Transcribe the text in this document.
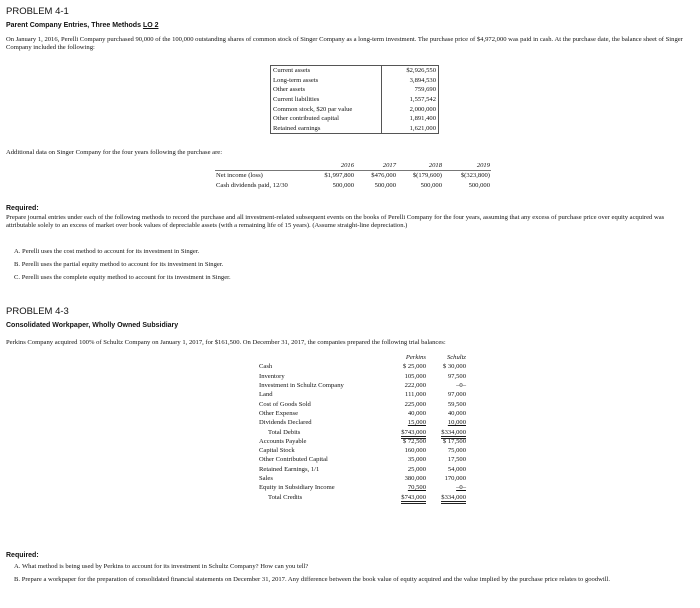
PROBLEM 4-1
Parent Company Entries, Three Methods LO 2
On January 1, 2016, Perelli Company purchased 90,000 of the 100,000 outstanding shares of common stock of Singer Company as a long-term investment. The purchase price of $4,972,000 was paid in cash. At the purchase date, the balance sheet of Singer Company included the following:
Current assets	$2,926,550
Long-term assets	3,894,530
Other assets	759,690
Current liabilities	1,557,542
Common stock, $20 par value	2,000,000
Other contributed capital	1,891,400
Retained earnings	1,621,000
Additional data on Singer Company for the four years following the purchase are:
	2016	2017	2018	2019
Net income (loss)	$1,997,800	$476,000	$(179,600)	$(323,800)
Cash dividends paid, 12/30	500,000	500,000	500,000	500,000
Required:
Prepare journal entries under each of the following methods to record the purchase and all investment-related subsequent events on the books of Perelli Company for the four years, assuming that any excess of purchase price over equity acquired was attributable solely to an excess of market over book values of depreciable assets (with a remaining life of 15 years). (Assume straight-line depreciation.)
A. Perelli uses the cost method to account for its investment in Singer.
B. Perelli uses the partial equity method to account for its investment in Singer.
C. Perelli uses the complete equity method to account for its investment in Singer.
PROBLEM 4-3
Consolidated Workpaper, Wholly Owned Subsidiary
Perkins Company acquired 100% of Schultz Company on January 1, 2017, for $161,500. On December 31, 2017, the companies prepared the following trial balances:
	Perkins	Schultz
Cash	$ 25,000	$ 30,000
Inventory	105,000	97,500
Investment in Schultz Company	222,000	–0–
Land	111,000	97,000
Cost of Goods Sold	225,000	59,500
Other Expense	40,000	40,000
Dividends Declared	15,000	10,000
Total Debits	$743,000	$334,000
Accounts Payable	$ 72,500	$ 17,500
Capital Stock	160,000	75,000
Other Contributed Capital	35,000	17,500
Retained Earnings, 1/1	25,000	54,000
Sales	380,000	170,000
Equity in Subsidiary Income	70,500	–0–
Total Credits	$743,000	$334,000
Required:
A. What method is being used by Perkins to account for its investment in Schultz Company? How can you tell?
B. Prepare a workpaper for the preparation of consolidated financial statements on December 31, 2017. Any difference between the book value of equity acquired and the value implied by the purchase price relates to goodwill.
